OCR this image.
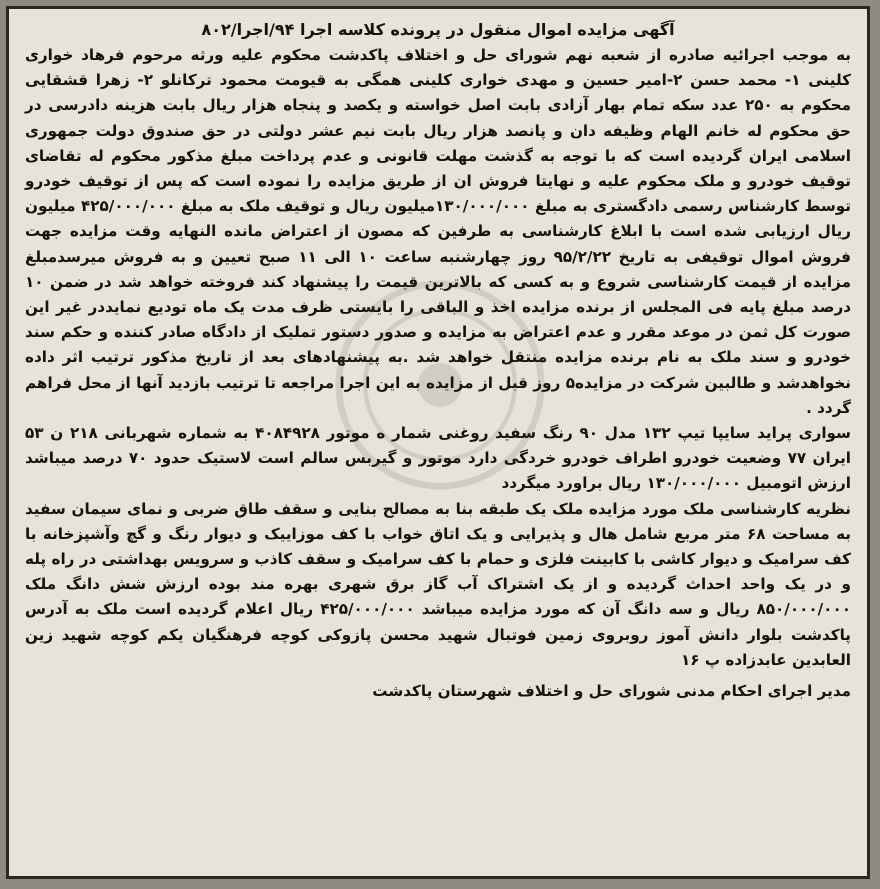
آگهی مزایده اموال منقول در پرونده کلاسه اجرا ۹۴/اجرا/۸۰۲

به موجب اجرائیه صادره از شعبه نهم شورای حل و اختلاف پاکدشت محکوم علیه ورثه مرحوم فرهاد خواری کلینی ۱- محمد حسن ۲-امیر حسین و مهدی خواری کلینی همگی به قیومت محمود ترکانلو ۲- زهرا قشقایی محکوم به ۲۵۰ عدد سکه تمام بهار آزادی بابت اصل خواسته و یکصد و پنجاه هزار ریال بابت هزینه دادرسی در حق محکوم له خانم الهام وظیفه دان و پانصد هزار ریال بابت نیم عشر دولتی در حق صندوق دولت جمهوری اسلامی ایران گردیده است که با توجه به گذشت مهلت قانونی و عدم پرداخت مبلغ مذکور محکوم له تقاضای توقیف خودرو و ملک محکوم علیه و نهایتا فروش ان از طریق مزایده را نموده است که پس از توقیف خودرو توسط کارشناس رسمی دادگستری به مبلغ ۱۳۰/۰۰۰/۰۰۰میلیون ریال و توقیف ملک به مبلغ ۴۲۵/۰۰۰/۰۰۰ میلیون ریال ارزیابی شده است با ابلاغ کارشناسی به طرفین که مصون از اعتراض مانده النهایه وقت مزایده جهت فروش اموال توقیفی به تاریخ ۹۵/۲/۲۲ روز چهارشنبه ساعت ۱۰ الی ۱۱ صبح تعیین و به فروش میرسدمبلغ مزایده از قیمت کارشناسی شروع و به کسی که بالاترین قیمت را پیشنهاد کند فروخته خواهد شد در ضمن ۱۰ درصد مبلغ پایه فی المجلس از برنده مزایده اخذ و الباقی را بایستی ظرف مدت یک ماه تودیع نمایددر غیر این صورت کل ثمن در موعد مقرر و عدم اعتراض به مزایده و صدور دستور تملیک از دادگاه صادر کننده و حکم سند خودرو و سند ملک به نام برنده مزایده منتقل خواهد شد .به پیشنهادهای بعد از تاریخ مذکور ترتیب اثر داده نخواهدشد و طالبین شرکت در مزایده۵ روز قبل از مزایده به این اجرا مراجعه تا ترتیب بازدید آنها از محل فراهم گردد .

سواری پراید سایپا تیپ ۱۳۲ مدل ۹۰ رنگ سفید روغنی شمار ه موتور ۴۰۸۴۹۲۸ به شماره شهربانی ۲۱۸ ن ۵۳ ایران ۷۷ وضعیت خودرو اطراف خودرو خردگی دارد موتور و گیربس سالم است لاستیک حدود ۷۰ درصد میباشد ارزش اتومبیل ۱۳۰/۰۰۰/۰۰۰ ریال براورد میگردد

نظریه کارشناسی ملک مورد مزایده ملک یک طبقه بنا به مصالح بنایی و سقف طاق ضربی و نمای سیمان سفید به مساحت ۶۸ متر مربع شامل هال و پذیرایی و یک اتاق خواب با کف موزاییک و دیوار رنگ و گچ وآشپزخانه با کف سرامیک و دیوار کاشی با کابینت فلزی و حمام با کف سرامیک و سقف کاذب و سرویس بهداشتی در راه پله و در یک واحد احداث گردیده و از یک اشتراک آب گاز برق شهری بهره مند بوده ارزش شش دانگ ملک ۸۵۰/۰۰۰/۰۰۰ ریال و سه دانگ آن که مورد مزایده میباشد ۴۲۵/۰۰۰/۰۰۰ ریال اعلام گردیده است ملک به آدرس پاکدشت بلوار دانش آموز روبروی زمین فوتبال شهید محسن پازوکی کوچه فرهنگیان یکم کوچه شهید زین العابدین عابدزاده پ ۱۶

مدیر اجرای احکام مدنی شورای حل و اختلاف شهرستان پاکدشت
